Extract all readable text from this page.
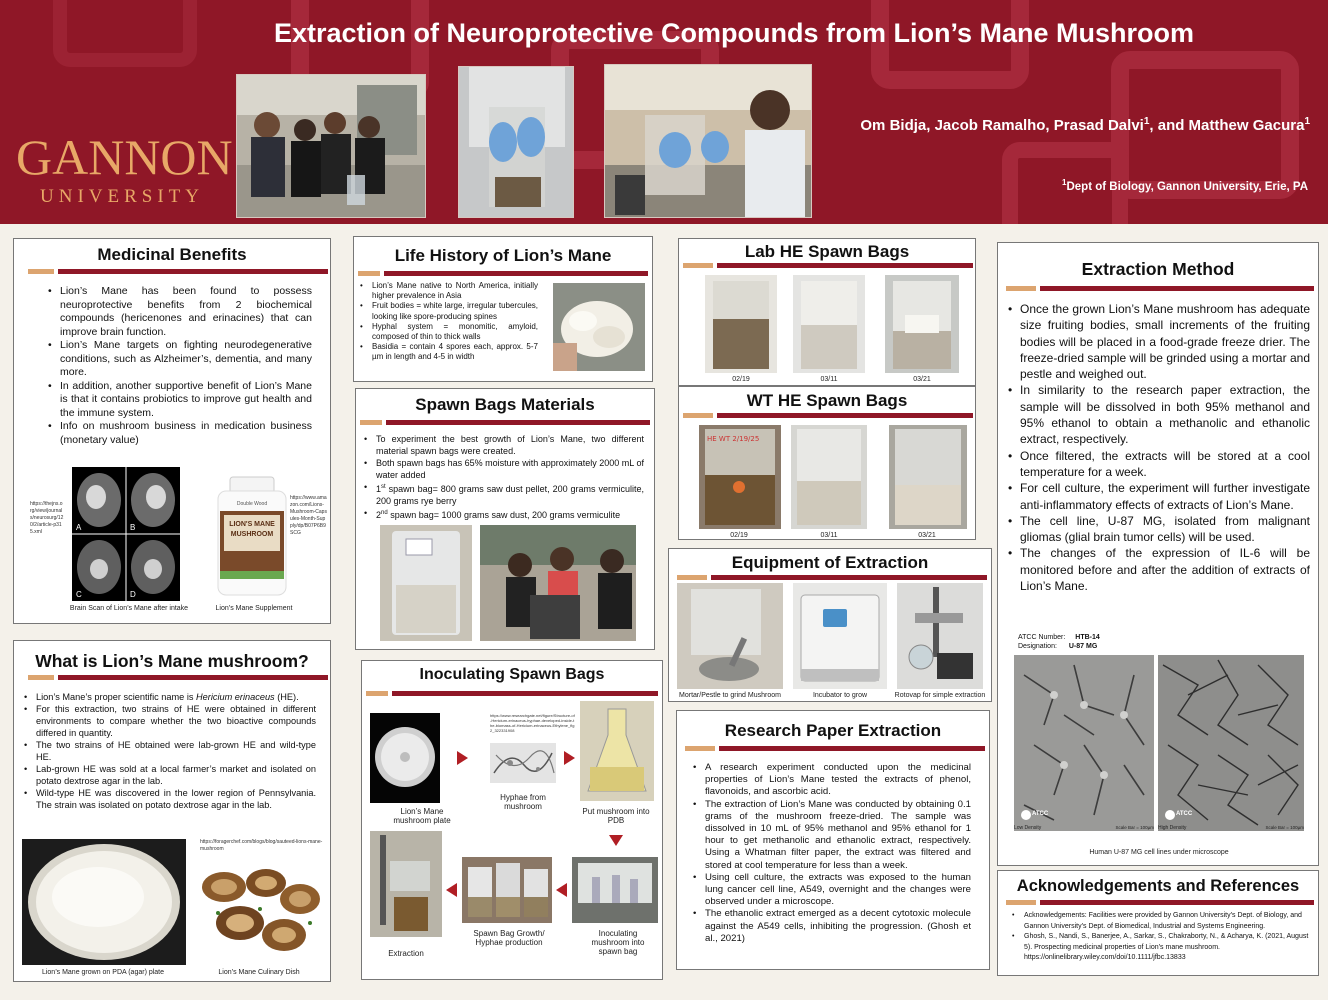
Extraction of Neuroprotective Compounds from Lion’s Mane Mushroom
GANNON
UNIVERSITY
Om Bidja, Jacob Ramalho, Prasad Dalvi$^1$, and Matthew Gacura$^1$
$^1$Dept of Biology, Gannon University, Erie, PA
Medicinal Benefits
• Lion’s Mane has been found to possess neuroprotective benefits from 2 biochemical compounds (hericenones and erinacines) that can improve brain function.
• Lion’s Mane targets on fighting neurodegenerative conditions, such as Alzheimer’s, dementia, and many more.
• In addition, another supportive benefit of Lion’s Mane is that it contains probiotics to improve gut health and the immune system.
• Info on mushroom business in medication business (monetary value)
https://thejns.org/view/journals/neurosurg/120/2/article-p315.xml	A	B
C	D
Double Wood
LION'S MANE
MUSHROOM
https://www.amazon.com/Lions-Mushroom-Capsules-Month-Supply/dp/B07P6B9SCG
Brain Scan of Lion’s Mane after intake	Lion’s Mane Supplement
What is Lion’s Mane mushroom?
• Lion’s Mane’s proper scientific name is Hericium erinaceus (HE).
• For this extraction, two strains of HE were obtained in different environments to compare whether the two bioactive compounds differed in quantity.
• The two strains of HE obtained were lab-grown HE and wild-type HE.
• Lab-grown HE was sold at a local farmer’s market and isolated on potato dextrose agar in the lab.
• Wild-type HE was discovered in the lower region of Pennsylvania. The strain was isolated on potato dextrose agar in the lab.
https://foragerchef.com/blogs/blog/sauteed-lions-mane-mushroom
Lion’s Mane grown on PDA (agar) plate	Lion’s Mane Culinary Dish
Life History of Lion’s Mane
• Lion’s Mane native to North America, initially higher prevalence in Asia
• Fruit bodies = white large, irregular tubercules, looking like spore-producing spines
• Hyphal system = monomitic, amyloid, composed of thin to thick walls
• Basidia = contain 4 spores each, approx. 5-7 µm in length and 4-5 in width
Spawn Bags Materials
• To experiment the best growth of Lion’s Mane, two different material spawn bags were created.
• Both spawn bags has 65% moisture with approximately 2000 mL of water added
• 1st spawn bag= 800 grams saw dust pellet, 200 grams vermiculite, 200 grams rye berry
• 2nd spawn bag= 1000 grams saw dust, 200 grams vermiculite
Inoculating Spawn Bags
Lion’s Mane mushroom plate
https://www.researchgate.net/figure/Structure-of-Hericium-erinaceus-hyphae-developed-inside-the-biomass-of-Hericium-erinaceus-Ethylene_fig2_322331908
Hyphae from mushroom
Put mushroom into PDB
Inoculating mushroom into spawn bag
Spawn Bag Growth/ Hyphae production
Extraction
Lab HE Spawn Bags
02/19	03/11	03/21
WT HE Spawn Bags
HE WT 2/19/25
02/19	03/11	03/21
Equipment of Extraction
Mortar/Pestle to grind Mushroom	Incubator to grow	Rotovap for simple extraction
Research Paper Extraction
• A research experiment conducted upon the medicinal properties of Lion’s Mane tested the extracts of phenol, flavonoids, and ascorbic acid.
• The extraction of Lion’s Mane was conducted by obtaining 0.1 grams of the mushroom freeze-dried. The sample was dissolved in 10 mL of 95% methanol and 95% ethanol for 1 hour to get methanolic and ethanolic extract, respectively. Using a Whatman filter paper, the extract was filtered and stored at cool temperature for less than a week.
• Using cell culture, the extracts was exposed to the human lung cancer cell line, A549, overnight and the changes were observed under a microscope.
• The ethanolic extract emerged as a decent cytotoxic molecule against the A549 cells, inhibiting the progression. (Ghosh et al., 2021)
Extraction Method
• Once the grown Lion’s Mane mushroom has adequate size fruiting bodies, small increments of the fruiting bodies will be placed in a food-grade freeze drier. The freeze-dried sample will be grinded using a mortar and pestle and weighed out.
• In similarity to the research paper extraction, the sample will be dissolved in both 95% methanol and 95% ethanol to obtain a methanolic and ethanolic extract, respectively.
• Once filtered, the extracts will be stored at a cool temperature for a week.
• For cell culture, the experiment will further investigate anti-inflammatory effects of extracts of Lion’s Mane.
• The cell line, U-87 MG, isolated from malignant gliomas (glial brain tumor cells) will be used.
• The changes of the expression of IL-6 will be monitored before and after the addition of extracts of Lion’s Mane.
ATCC Number: HTB-14
Designation: U-87 MG
ATCC	ATCC
Low Density	Scale Bar = 100µm High Density	Scale Bar = 100µm
Human U-87 MG cell lines under microscope
Acknowledgements and References
• Acknowledgements: Facilities were provided by Gannon University’s Dept. of Biology, and Gannon University’s Dept. of Biomedical, Industrial and Systems Engineering.
• Ghosh, S., Nandi, S., Banerjee, A., Sarkar, S., Chakraborty, N., & Acharya, K. (2021, August 5). Prospecting medicinal properties of Lion’s mane mushroom. https://onlinelibrary.wiley.com/doi/10.1111/jfbc.13833
